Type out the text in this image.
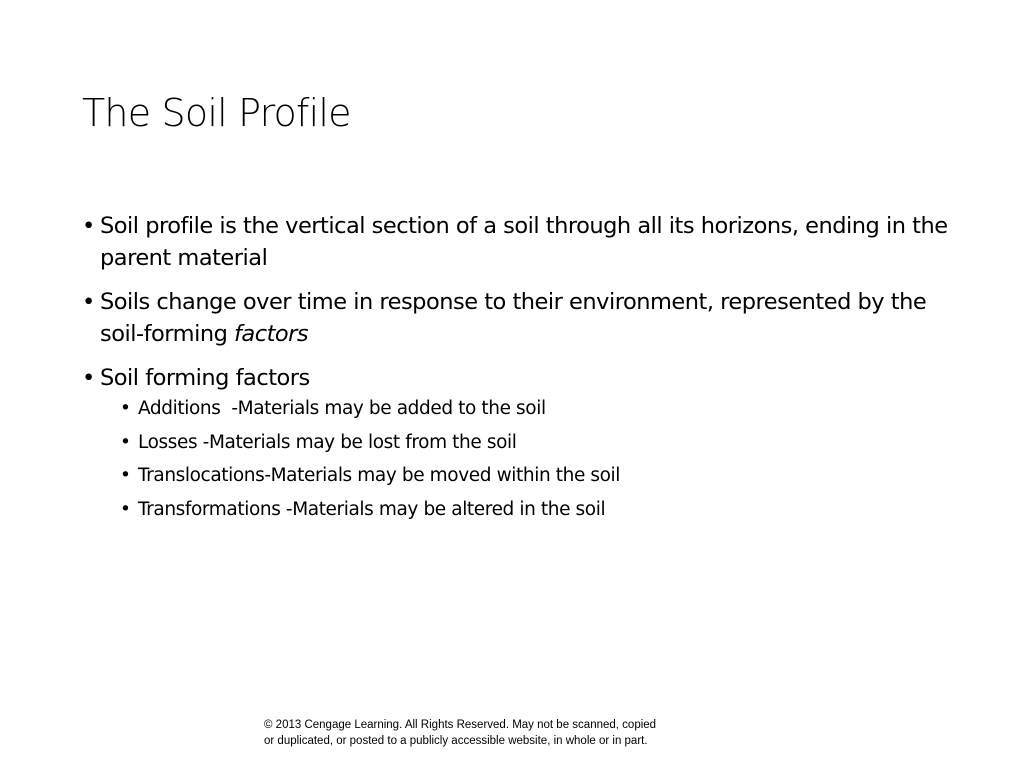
The Soil Profile
• Soil profile is the vertical section of a soil through all its horizons, ending in the parent material
• Soils change over time in response to their environment, represented by the soil-forming factors
• Soil forming factors
• Additions  -Materials may be added to the soil
• Losses -Materials may be lost from the soil
• Translocations-Materials may be moved within the soil
• Transformations -Materials may be altered in the soil
© 2013 Cengage Learning. All Rights Reserved. May not be scanned, copied
or duplicated, or posted to a publicly accessible website, in whole or in part.
